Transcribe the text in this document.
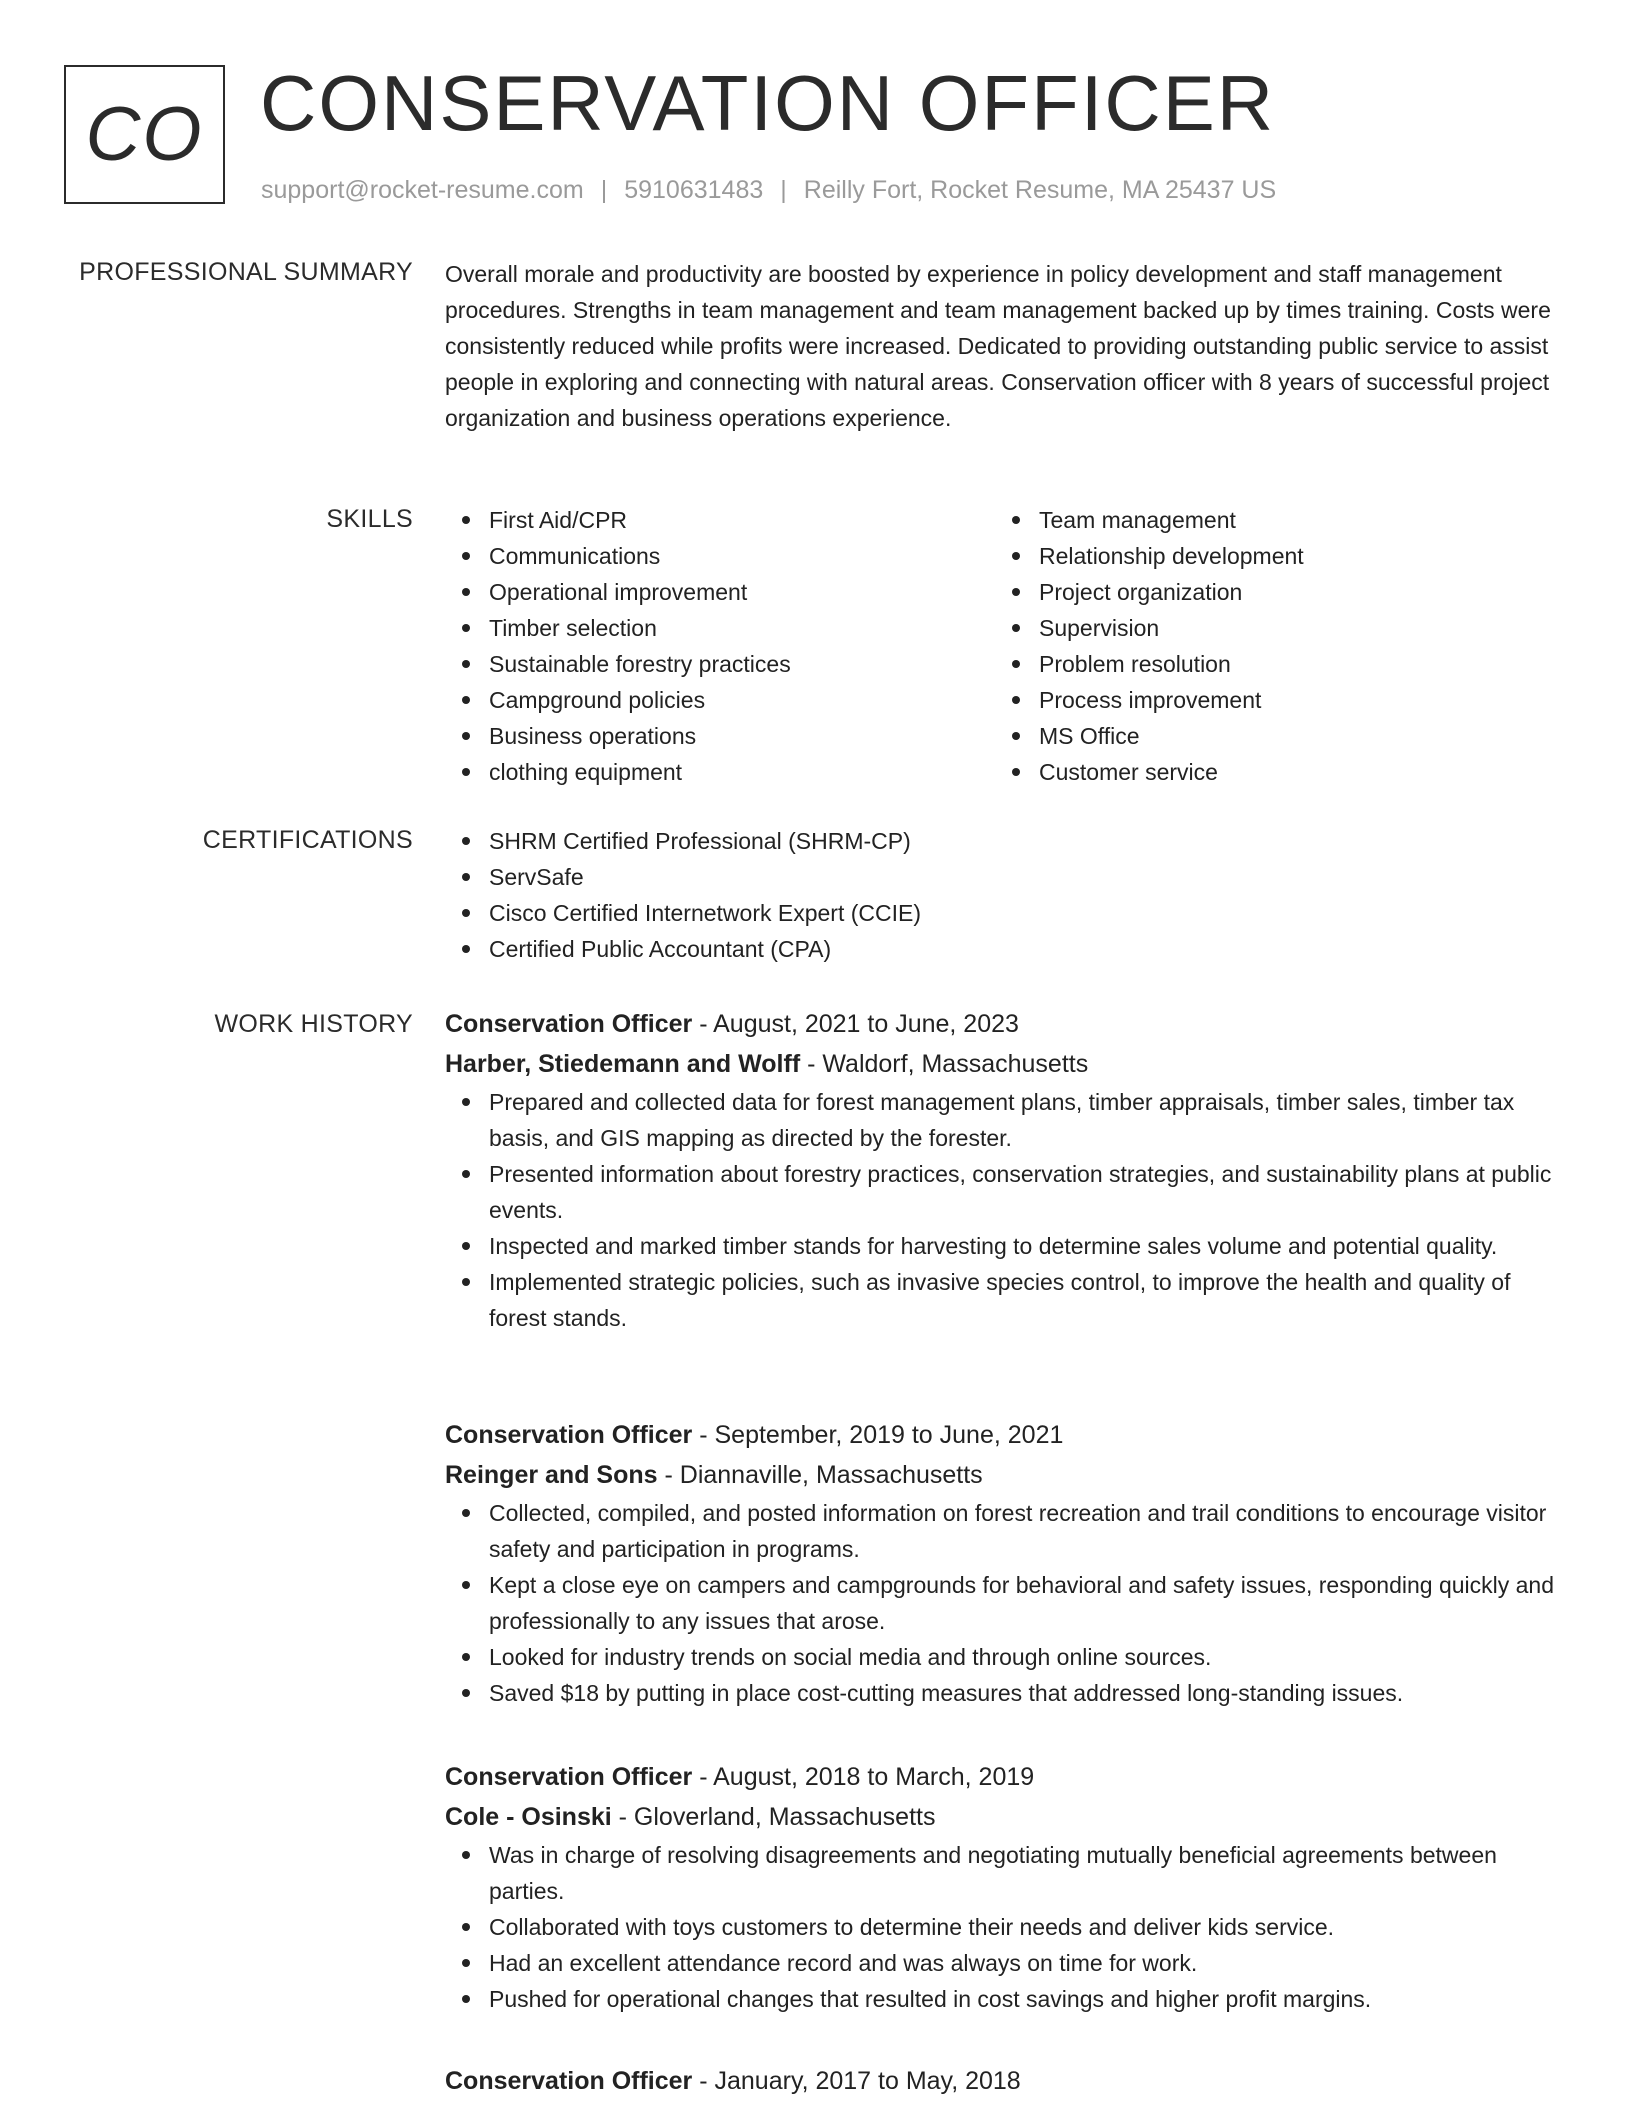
CO CONSERVATION OFFICER
support@rocket-resume.com | 5910631483 | Reilly Fort, Rocket Resume, MA 25437 US
PROFESSIONAL SUMMARY Overall morale and productivity are boosted by experience in policy development and staff management procedures. Strengths in team management and team management backed up by times training. Costs were consistently reduced while profits were increased. Dedicated to providing outstanding public service to assist people in exploring and connecting with natural areas. Conservation officer with 8 years of successful project organization and business operations experience.

SKILLS	First Aid/CPR
Communications
Operational improvement
Timber selection
Sustainable forestry practices
Campground policies
Business operations
clothing equipment
Team management
Relationship development
Project organization
Supervision
Problem resolution
Process improvement
MS Office
Customer service
CERTIFICATIONS	SHRM Certified Professional (SHRM-CP)
ServSafe
Cisco Certified Internetwork Expert (CCIE)
Certified Public Accountant (CPA)
WORK HISTORY Conservation Officer - August, 2021 to June, 2023
Harber, Stiedemann and Wolff - Waldorf, Massachusetts
Prepared and collected data for forest management plans, timber appraisals, timber sales, timber tax basis, and GIS mapping as directed by the forester.
Presented information about forestry practices, conservation strategies, and sustainability plans at public events.
Inspected and marked timber stands for harvesting to determine sales volume and potential quality.
Implemented strategic policies, such as invasive species control, to improve the health and quality of forest stands.
Conservation Officer - September, 2019 to June, 2021
Reinger and Sons - Diannaville, Massachusetts
Collected, compiled, and posted information on forest recreation and trail conditions to encourage visitor safety and participation in programs.
Kept a close eye on campers and campgrounds for behavioral and safety issues, responding quickly and professionally to any issues that arose.
Looked for industry trends on social media and through online sources.
Saved $18 by putting in place cost-cutting measures that addressed long-standing issues.
Conservation Officer - August, 2018 to March, 2019
Cole - Osinski - Gloverland, Massachusetts
Was in charge of resolving disagreements and negotiating mutually beneficial agreements between parties.
Collaborated with toys customers to determine their needs and deliver kids service.
Had an excellent attendance record and was always on time for work.
Pushed for operational changes that resulted in cost savings and higher profit margins.
Conservation Officer - January, 2017 to May, 2018
